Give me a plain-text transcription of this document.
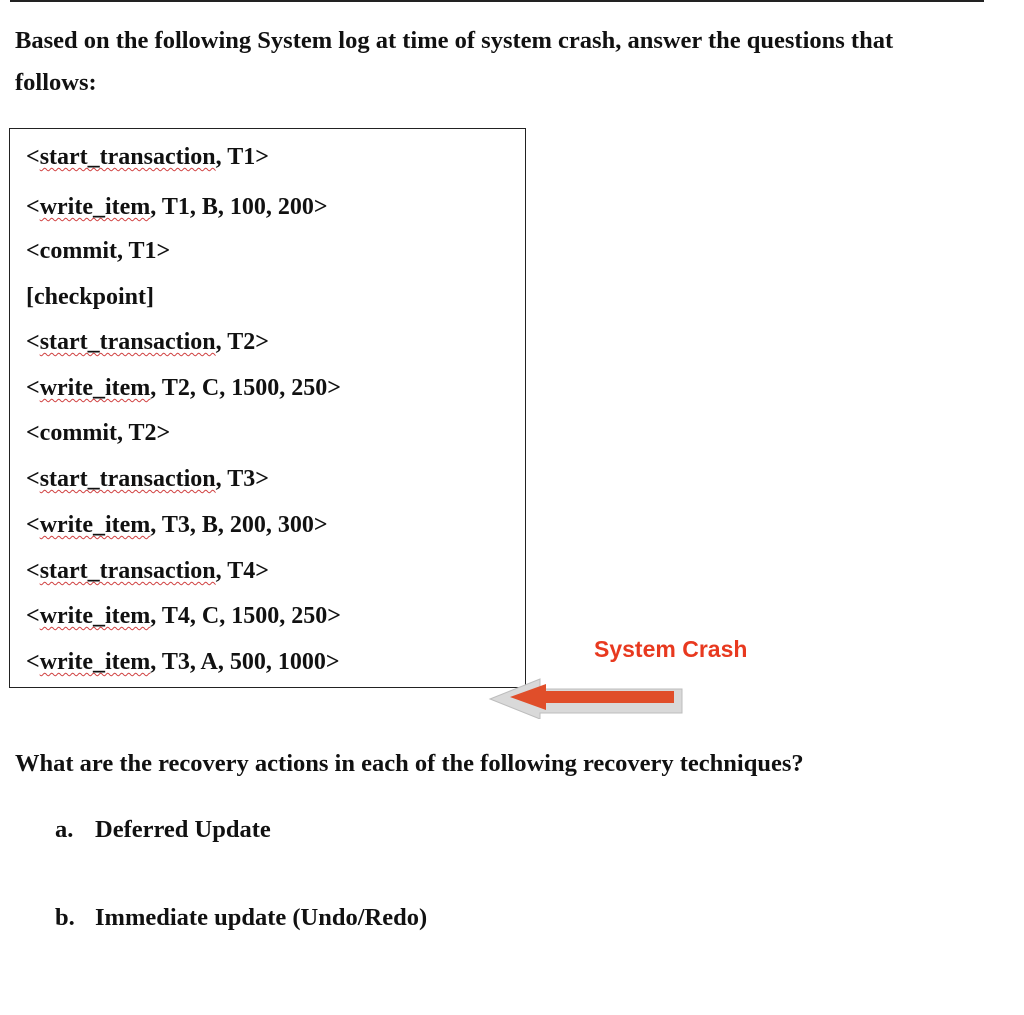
Based on the following System log at time of system crash, answer the questions that follows:

<start_transaction, T1>
<write_item, T1, B, 100, 200>
<commit, T1>
[checkpoint]
<start_transaction, T2>
<write_item, T2, C, 1500, 250>
<commit, T2>
<start_transaction, T3>
<write_item, T3, B, 200, 300>
<start_transaction, T4>
<write_item, T4, C, 1500, 250>
<write_item, T3, A, 500, 1000>	System Crash

What are the recovery actions in each of the following recovery techniques?

a. Deferred Update
b. Immediate update (Undo/Redo)
